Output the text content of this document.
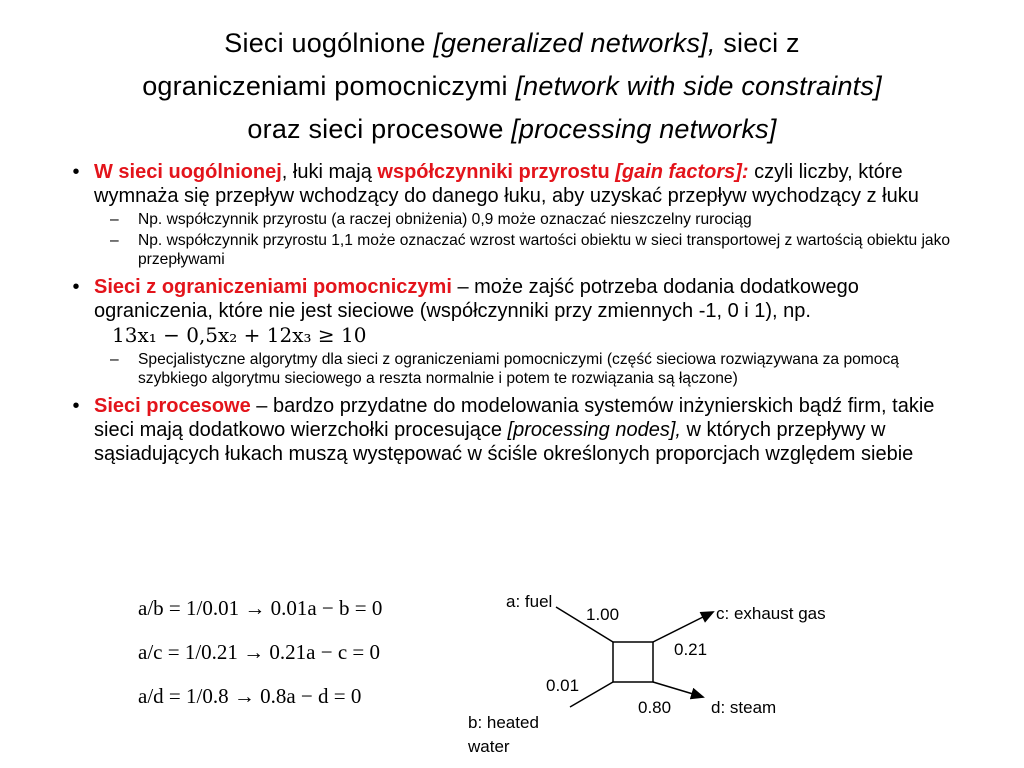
Sieci uogólnione [generalized networks], sieci z
ograniczeniami pomocniczymi [network with side constraints]
oraz sieci procesowe [processing networks]
• W sieci uogólnionej, łuki mają współczynniki przyrostu [gain factors]: czyli liczby, które wymnaża się przepływ wchodzący do danego łuku, aby uzyskać przepływ wychodzący z łuku
– Np. współczynnik przyrostu (a raczej obniżenia) 0,9 może oznaczać nieszczelny rurociąg
– Np. współczynnik przyrostu 1,1 może oznaczać wzrost wartości obiektu w sieci transportowej z wartością obiektu jako przepływami
• Sieci z ograniczeniami pomocniczymi – może zajść potrzeba dodania dodatkowego ograniczenia, które nie jest sieciowe (współczynniki przy zmiennych -1, 0 i 1), np.13x₁ − 0,5x₂ + 12x₃ ≥ 10
– Specjalistyczne algorytmy dla sieci z ograniczeniami pomocniczymi (część sieciowa rozwiązywana za pomocą szybkiego algorytmu sieciowego a reszta normalnie i potem te rozwiązania są łączone)
• Sieci procesowe – bardzo przydatne do modelowania systemów inżynierskich bądź firm, takie sieci mają dodatkowo wierzchołki procesujące [processing nodes], w których przepływy w sąsiadujących łukach muszą występować w ściśle określonych proporcjach względem siebie
a/b = 1/0.01 → 0.01a − b = 0
a/c = 1/0.21 → 0.21a − c = 0
a/d = 1/0.8 → 0.8a − d = 0
a: fuel
c: exhaust gas
d: steam
b: heated
water
1.00
0.21
0.01
0.80
